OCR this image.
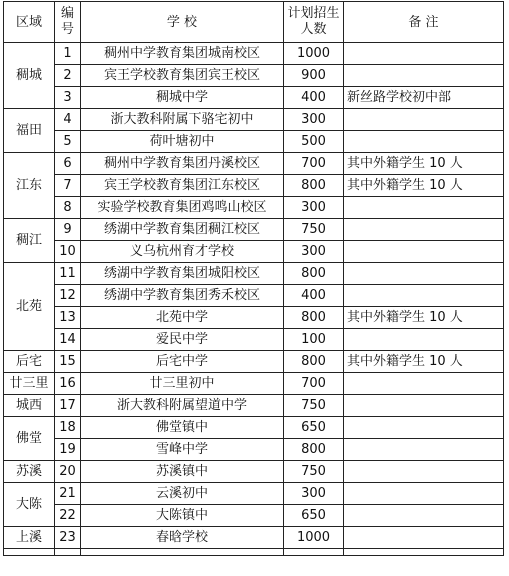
区域	编号	学 校	计划招生人数	备 注
稠城	1	稠州中学教育集团城南校区	1000	
	2	宾王学校教育集团宾王校区	900	
	3	稠城中学	400	新丝路学校初中部
福田	4	浙大教科附属下骆宅初中	300	
	5	荷叶塘初中	500	
江东	6	稠州中学教育集团丹溪校区	700	其中外籍学生 10 人
	7	宾王学校教育集团江东校区	800	其中外籍学生 10 人
	8	实验学校教育集团鸡鸣山校区	300	
稠江	9	绣湖中学教育集团稠江校区	750	
	10	义乌杭州育才学校	300	
北苑	11	绣湖中学教育集团城阳校区	800	
	12	绣湖中学教育集团秀禾校区	400	
	13	北苑中学	800	其中外籍学生 10 人
	14	爱民中学	100	
后宅	15	后宅中学	800	其中外籍学生 10 人
廿三里	16	廿三里初中	700	
城西	17	浙大教科附属望道中学	750	
佛堂	18	佛堂镇中	650	
	19	雪峰中学	800	
苏溪	20	苏溪镇中	750	
大陈	21	云溪初中	300	
	22	大陈镇中	650	
上溪	23	春晗学校	1000	
